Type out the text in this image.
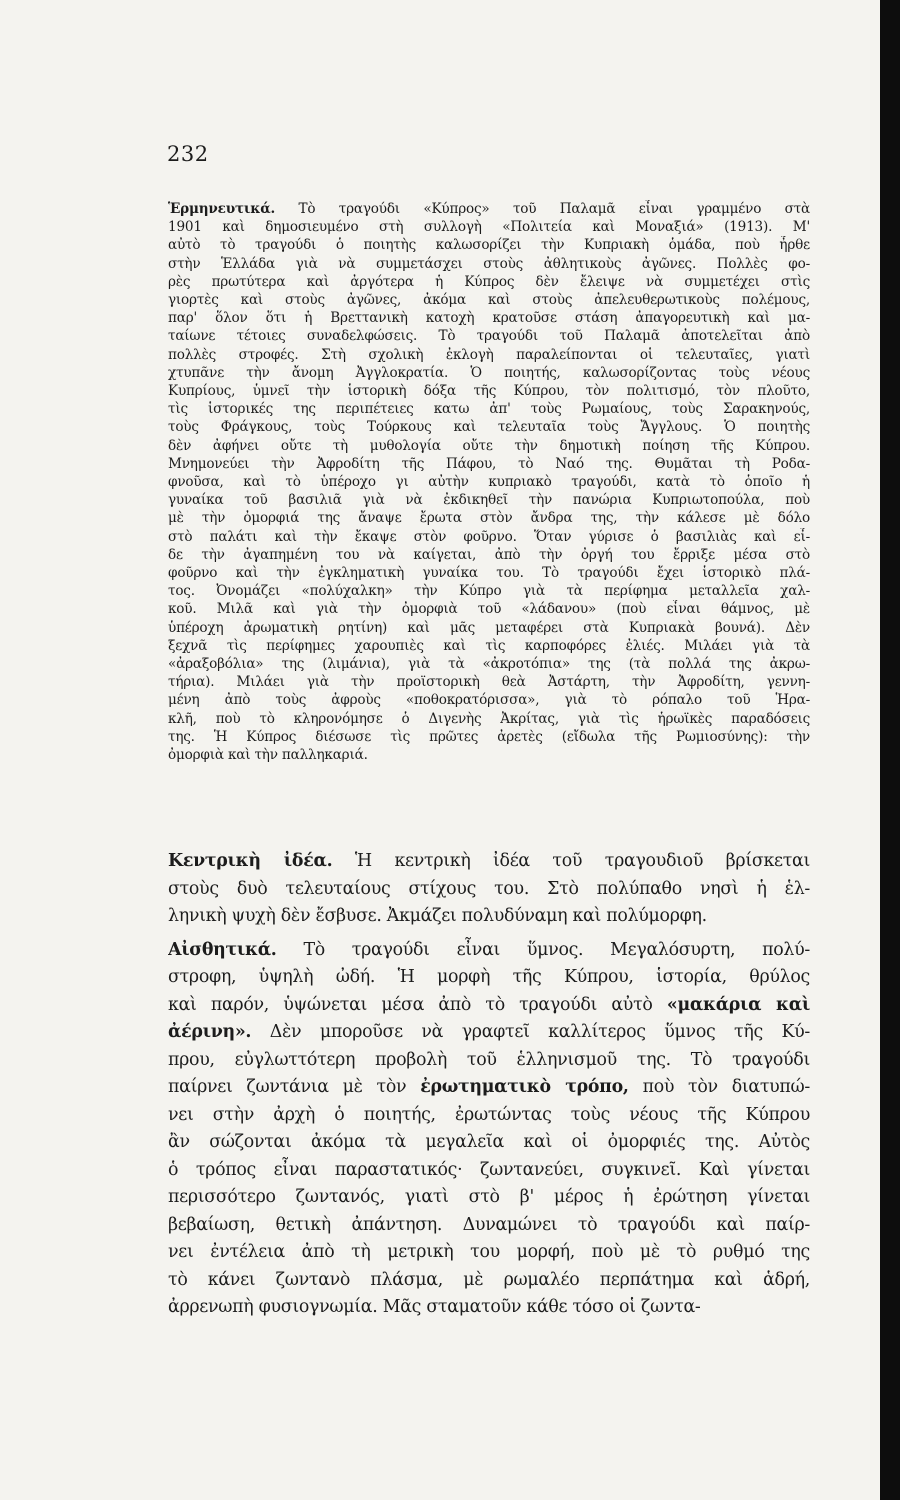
232
Ἑρμηνευτικά. Τὸ τραγούδι «Κύπρος» τοῦ Παλαμᾶ εἶναι γραμμένο στὰ
1901 καὶ δημοσιευμένο στὴ συλλογὴ «Πολιτεία καὶ Μοναξιά» (1913). Μ'
αὐτὸ τὸ τραγούδι ὁ ποιητὴς καλωσορίζει τὴν Κυπριακὴ ὁμάδα, ποὺ ἦρθε
στὴν Ἑλλάδα γιὰ νὰ συμμετάσχει στοὺς ἀθλητικοὺς ἀγῶνες. Πολλὲς φο-
ρὲς πρωτύτερα καὶ ἀργότερα ἡ Κύπρος δὲν ἔλειψε νὰ συμμετέχει στὶς
γιορτὲς καὶ στοὺς ἀγῶνες, ἀκόμα καὶ στοὺς ἀπελευθερωτικοὺς πολέμους,
παρ' ὅλον ὅτι ἡ Βρεττανικὴ κατοχὴ κρατοῦσε στάση ἀπαγορευτικὴ καὶ μα-
ταίωνε τέτοιες συναδελφώσεις. Τὸ τραγούδι τοῦ Παλαμᾶ ἀποτελεῖται ἀπὸ
πολλὲς στροφές. Στὴ σχολικὴ ἐκλογὴ παραλείπονται οἱ τελευταῖες, γιατὶ
χτυπᾶνε τὴν ἄνομη Ἀγγλοκρατία. Ὁ ποιητής, καλωσορίζοντας τοὺς νέους
Κυπρίους, ὑμνεῖ τὴν ἱστορικὴ δόξα τῆς Κύπρου, τὸν πολιτισμό, τὸν πλοῦτο,
τὶς ἱστορικές της περιπέτειες κατω ἀπ' τοὺς Ρωμαίους, τοὺς Σαρακηνούς,
τοὺς Φράγκους, τοὺς Τούρκους καὶ τελευταῖα τοὺς Ἄγγλους. Ὁ ποιητὴς
δὲν ἀφήνει οὔτε τὴ μυθολογία οὔτε τὴν δημοτικὴ ποίηση τῆς Κύπρου.
Μνημονεύει τὴν Ἀφροδίτη τῆς Πάφου, τὸ Ναό της. Θυμᾶται τὴ Ροδα-
φνοῦσα, καὶ τὸ ὑπέροχο γι αὐτὴν κυπριακὸ τραγούδι, κατὰ τὸ ὁποῖο ἡ
γυναίκα τοῦ βασιλιᾶ γιὰ νὰ ἐκδικηθεῖ τὴν πανώρια Κυπριωτοπούλα, ποὺ
μὲ τὴν ὀμορφιά της ἄναψε ἔρωτα στὸν ἄνδρα της, τὴν κάλεσε μὲ δόλο
στὸ παλάτι καὶ τὴν ἔκαψε στὸν φοῦρνο. Ὅταν γύρισε ὁ βασιλιὰς καὶ εἶ-
δε τὴν ἀγαπημένη του νὰ καίγεται, ἀπὸ τὴν ὀργή του ἔρριξε μέσα στὸ
φοῦρνο καὶ τὴν ἐγκληματικὴ γυναίκα του. Τὸ τραγούδι ἔχει ἱστορικὸ πλά-
τος. Ὀνομάζει «πολύχαλκη» τὴν Κύπρο γιὰ τὰ περίφημα μεταλλεῖα χαλ-
κοῦ. Μιλᾶ καὶ γιὰ τὴν ὀμορφιὰ τοῦ «λάδανου» (ποὺ εἶναι θάμνος, μὲ
ὑπέροχη ἀρωματικὴ ρητίνη) καὶ μᾶς μεταφέρει στὰ Κυπριακὰ βουνά). Δὲν
ξεχνᾶ τὶς περίφημες χαρουπιὲς καὶ τὶς καρποφόρες ἐλιές. Μιλάει γιὰ τὰ
«ἀραξοβόλια» της (λιμάνια), γιὰ τὰ «ἀκροτόπια» της (τὰ πολλά της ἀκρω-
τήρια). Μιλάει γιὰ τὴν προϊστορικὴ θεὰ Ἀστάρτη, τὴν Ἀφροδίτη, γεννη-
μένη ἀπὸ τοὺς ἀφροὺς «ποθοκρατόρισσα», γιὰ τὸ ρόπαλο τοῦ Ἡρα-
κλῆ, ποὺ τὸ κληρονόμησε ὁ Διγενὴς Ἀκρίτας, γιὰ τὶς ἡρωϊκὲς παραδόσεις
της. Ἡ Κύπρος διέσωσε τὶς πρῶτες ἀρετὲς (εἴδωλα τῆς Ρωμιοσύνης): τὴν
ὀμορφιὰ καὶ τὴν παλληκαριά.
Κεντρικὴ ἰδέα. Ἡ κεντρικὴ ἰδέα τοῦ τραγουδιοῦ βρίσκεται
στοὺς δυὸ τελευταίους στίχους του. Στὸ πολύπαθο νησὶ ἡ ἑλ-
ληνικὴ ψυχὴ δὲν ἔσβυσε. Ἀκμάζει πολυδύναμη καὶ πολύμορφη.
Αἰσθητικά. Τὸ τραγούδι εἶναι ὕμνος. Μεγαλόσυρτη, πολύ-
στροφη, ὑψηλὴ ὠδή. Ἡ μορφὴ τῆς Κύπρου, ἱστορία, θρύλος
καὶ παρόν, ὑψώνεται μέσα ἀπὸ τὸ τραγούδι αὐτὸ «μακάρια καὶ
ἀέρινη». Δὲν μποροῦσε νὰ γραφτεῖ καλλίτερος ὕμνος τῆς Κύ-
πρου, εὐγλωττότερη προβολὴ τοῦ ἑλληνισμοῦ της. Τὸ τραγούδι
παίρνει ζωντάνια μὲ τὸν ἐρωτηματικὸ τρόπο, ποὺ τὸν διατυπώ-
νει στὴν ἀρχὴ ὁ ποιητής, ἐρωτώντας τοὺς νέους τῆς Κύπρου
ἂν σώζονται ἀκόμα τὰ μεγαλεῖα καὶ οἱ ὀμορφιές της. Αὐτὸς
ὁ τρόπος εἶναι παραστατικός· ζωντανεύει, συγκινεῖ. Καὶ γίνεται
περισσότερο ζωντανός, γιατὶ στὸ β' μέρος ἡ ἐρώτηση γίνεται
βεβαίωση, θετικὴ ἀπάντηση. Δυναμώνει τὸ τραγούδι καὶ παίρ-
νει ἐντέλεια ἀπὸ τὴ μετρικὴ του μορφή, ποὺ μὲ τὸ ρυθμό της
τὸ κάνει ζωντανὸ πλάσμα, μὲ ρωμαλέο περπάτημα καὶ ἁδρή,
ἀρρενωπὴ φυσιογνωμία. Μᾶς σταματοῦν κάθε τόσο οἱ ζωντα-
